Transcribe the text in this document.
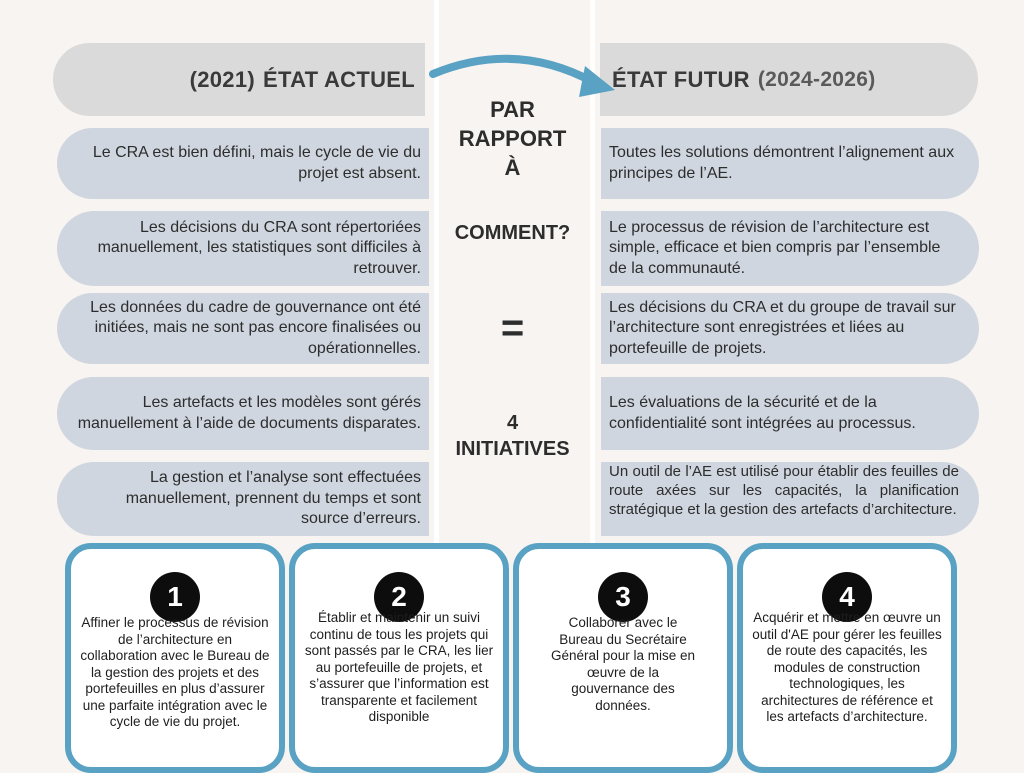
(2021) ÉTAT ACTUEL	ÉTAT FUTUR (2024-2026)
Le CRA est bien défini, mais le cycle de vie du projet est absent.
Les décisions du CRA sont répertoriées manuellement, les statistiques sont difficiles à retrouver.
Les données du cadre de gouvernance ont été initiées, mais ne sont pas encore finalisées ou opérationnelles.
Les artefacts et les modèles sont gérés manuellement à l’aide de documents disparates.
La gestion et l’analyse sont effectuées manuellement, prennent du temps et sont source d’erreurs.
Toutes les solutions démontrent l’alignement aux principes de l’AE.
Le processus de révision de l’architecture est simple, efficace et bien compris par l’ensemble de la communauté.
Les décisions du CRA et du groupe de travail sur l’architecture sont enregistrées et liées au portefeuille de projets.
Les évaluations de la sécurité et de la confidentialité sont intégrées au processus.
Un outil de l’AE est utilisé pour établir des feuilles de route axées sur les capacités, la planification stratégique et la gestion des artefacts d’architecture.
PAR
RAPPORT
À
COMMENT?
=
4
INITIATIVES
1
Affiner le processus de révision de l’architecture en collaboration avec le Bureau de la gestion des projets et des portefeuilles en plus d’assurer une parfaite intégration avec le cycle de vie du projet.
2
Établir et maintenir un suivi continu de tous les projets qui sont passés par le CRA, les lier au portefeuille de projets, et s’assurer que l’information est transparente et facilement disponible
3
Collaborer avec le Bureau du Secrétaire Général pour la mise en œuvre de la gouvernance des données.
4
Acquérir et mettre en œuvre un outil d'AE pour gérer les feuilles de route des capacités, les modules de construction technologiques, les architectures de référence et les artefacts d’architecture.
